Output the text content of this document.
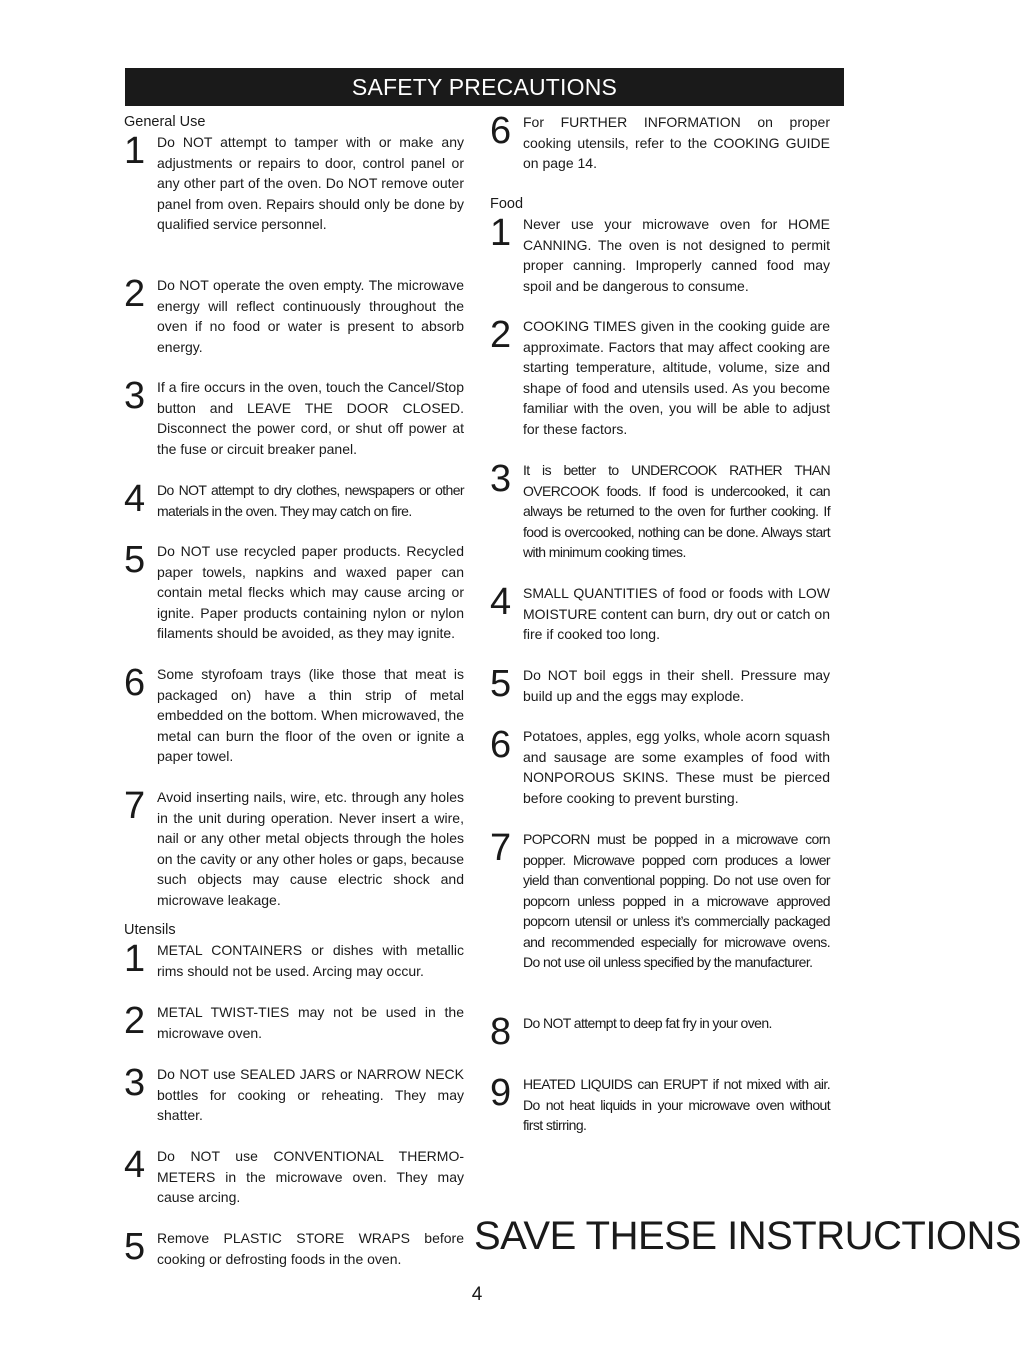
SAFETY PRECAUTIONS
General Use
1 Do NOT attempt to tamper with or make any adjustments or repairs to door, control panel or any other part of the oven. Do NOT remove outer panel from oven. Repairs should only be done by qualified service personnel.
2 Do NOT operate the oven empty. The microwave energy will reflect continuously throughout the oven if no food or water is present to absorb energy.
3 If a fire occurs in the oven, touch the Cancel/Stop button and LEAVE THE DOOR CLOSED. Disconnect the power cord, or shut off power at the fuse or circuit breaker panel.
4 Do NOT attempt to dry clothes, newspapers or other materials in the oven. They may catch on fire.
5 Do NOT use recycled paper products. Recycled paper towels, napkins and waxed paper can contain metal flecks which may cause arcing or ignite. Paper products containing nylon or nylon filaments should be avoided, as they may ignite.
6 Some styrofoam trays (like those that meat is packaged on) have a thin strip of metal embedded on the bottom. When microwaved, the metal can burn the floor of the oven or ignite a paper towel.
7 Avoid inserting nails, wire, etc. through any holes in the unit during operation. Never insert a wire, nail or any other metal objects through the holes on the cavity or any other holes or gaps, because such objects may cause electric shock and microwave leakage.
Utensils
1 METAL CONTAINERS or dishes with metallic rims should not be used. Arcing may occur.
2 METAL TWIST-TIES may not be used in the microwave oven.
3 Do NOT use SEALED JARS or NARROW NECK bottles for cooking or reheating. They may shatter.
4 Do NOT use CONVENTIONAL THERMO-METERS in the microwave oven. They may cause arcing.
5 Remove PLASTIC STORE WRAPS before cooking or defrosting foods in the oven.
6 For FURTHER INFORMATION on proper cooking utensils, refer to the COOKING GUIDE on page 14.
Food
1 Never use your microwave oven for HOME CANNING. The oven is not designed to permit proper canning. Improperly canned food may spoil and be dangerous to consume.
2 COOKING TIMES given in the cooking guide are approximate. Factors that may affect cooking are starting temperature, altitude, volume, size and shape of food and utensils used. As you become familiar with the oven, you will be able to adjust for these factors.
3 It is better to UNDERCOOK RATHER THAN OVERCOOK foods. If food is undercooked, it can always be returned to the oven for further cooking. If food is overcooked, nothing can be done. Always start with minimum cooking times.
4 SMALL QUANTITIES of food or foods with LOW MOISTURE content can burn, dry out or catch on fire if cooked too long.
5 Do NOT boil eggs in their shell. Pressure may build up and the eggs may explode.
6 Potatoes, apples, egg yolks, whole acorn squash and sausage are some examples of food with NONPOROUS SKINS. These must be pierced before cooking to prevent bursting.
7 POPCORN must be popped in a microwave corn popper. Microwave popped corn produces a lower yield than conventional popping. Do not use oven for popcorn unless popped in a microwave approved popcorn utensil or unless it’s commercially packaged and recommended especially for microwave ovens. Do not use oil unless specified by the manufacturer.
8 Do NOT attempt to deep fat fry in your oven.
9 HEATED LIQUIDS can ERUPT if not mixed with air. Do not heat liquids in your microwave oven without first stirring.
SAVE THESE INSTRUCTIONS
4
